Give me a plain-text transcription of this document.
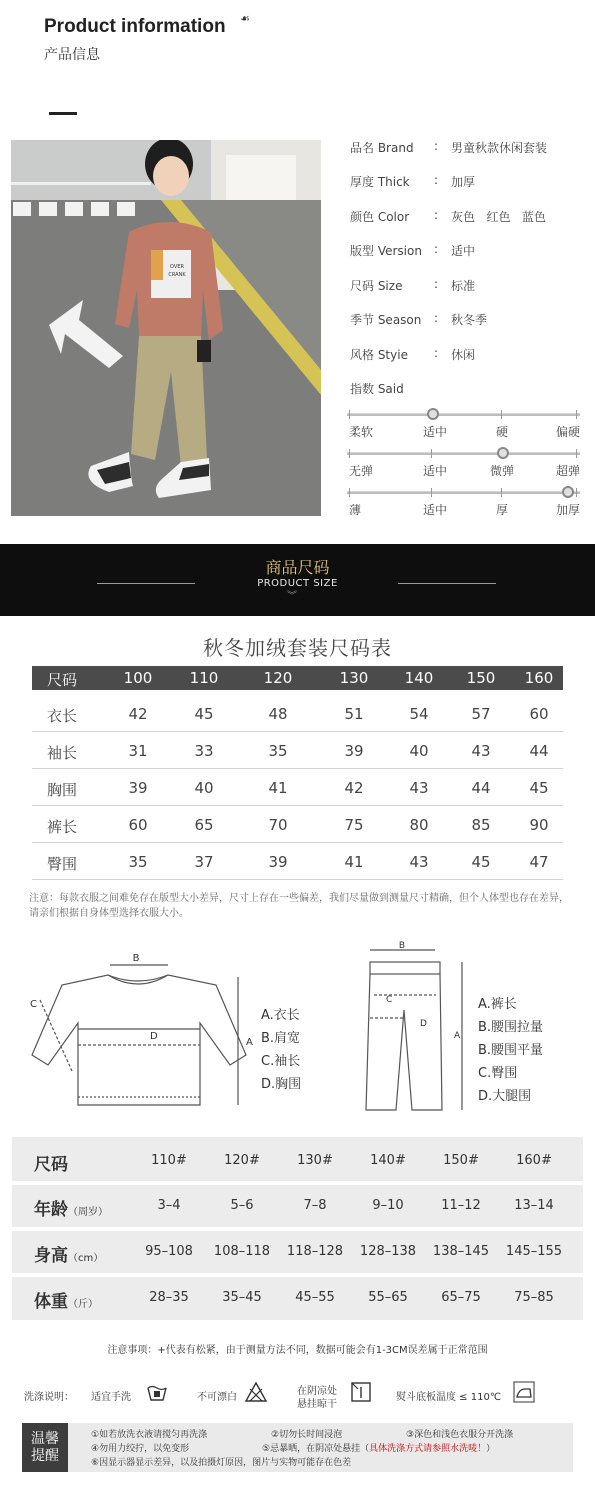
Product information ☙
产品信息
OVER
CRANK
品名 Brand : 男童秋款休闲套装
厚度 Thick : 加厚
颜色 Color : 灰色   红色   蓝色
版型 Version : 适中
尺码 Size	: 标准
季节 Season : 秋冬季
风格 Styie : 休闲
指数 Said
柔软	适中	硬	偏硬
无弹	适中	微弹	超弹
薄	适中	厚	加厚
商品尺码
PRODUCT SIZE
︾
秋冬加绒套装尺码表
尺码	100	110	120	130	140	150	160
衣长	42	45	48	51	54	57	60
袖长	31	33	35	39	40	43	44
胸围	39	40	41	42	43	44	45
裤长	60	65	70	75	80	85	90
臀围	35	37	39	41	43	45	47
注意：每款衣服之间难免存在版型大小差异，尺寸上存在一些偏差，我们尽量做到测量尺寸精确，但个人体型也存在差异，请亲们根据自身体型选择衣服大小。
B
A
C
D
A.衣长
B.肩宽
C.袖长
D.胸围
B
A
C
D
A.裤长
B.腰围拉量
B.腰围平量
C.臀围
D.大腿围
尺码	110#	120#	130#	140#	150#	160#
年龄（周岁）	3–4	5–6	7–8	9–10	11–12	13–14
身高（cm）	95–108	108–118	118–128	128–138	138–145	145–155
体重（斤）	28–35	35–45	45–55	55–65	65–75	75–85
注意事项：+代表有松紧，由于测量方法不同，数据可能会有1-3CM误差属于正常范围
洗涤说明： 适宜手洗	不可漂白
在阴凉处
悬挂晾干
熨斗底板温度 ≤ 110℃
温馨
提醒
①如若放洗衣液请搅匀再洗涤	②切勿长时间浸泡	③深色和浅色衣服分开洗涤
④勿用力绞拧，以免变形	⑤忌暴晒，在阴凉处悬挂（具体洗涤方式请参照水洗唛！）
⑥因显示器显示差异，以及拍摄灯原因，图片与实物可能存在色差
